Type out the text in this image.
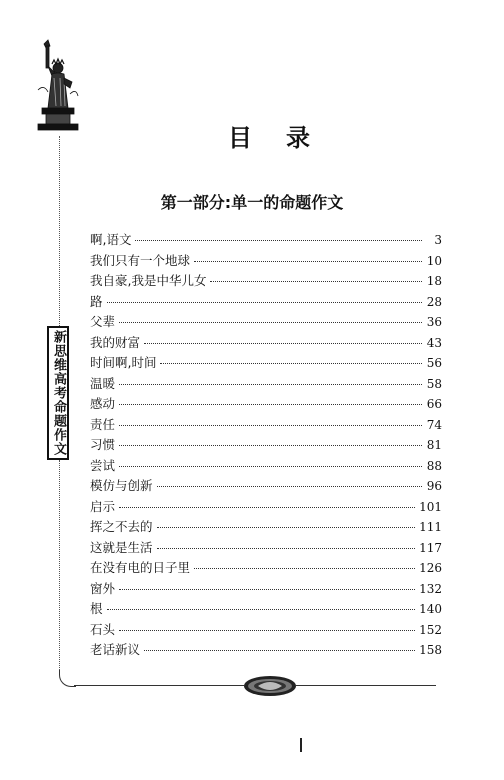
新思维高考命题作文
目录
第一部分:单一的命题作文
啊,语文	3
我们只有一个地球	10
我自豪,我是中华儿女	18
路	28
父辈	36
我的财富	43
时间啊,时间	56
温暖	58
感动	66
责任	74
习惯	81
尝试	88
模仿与创新	96
启示	101
挥之不去的	111
这就是生活	117
在没有电的日子里	126
窗外	132
根	140
石头	152
老话新议	158
